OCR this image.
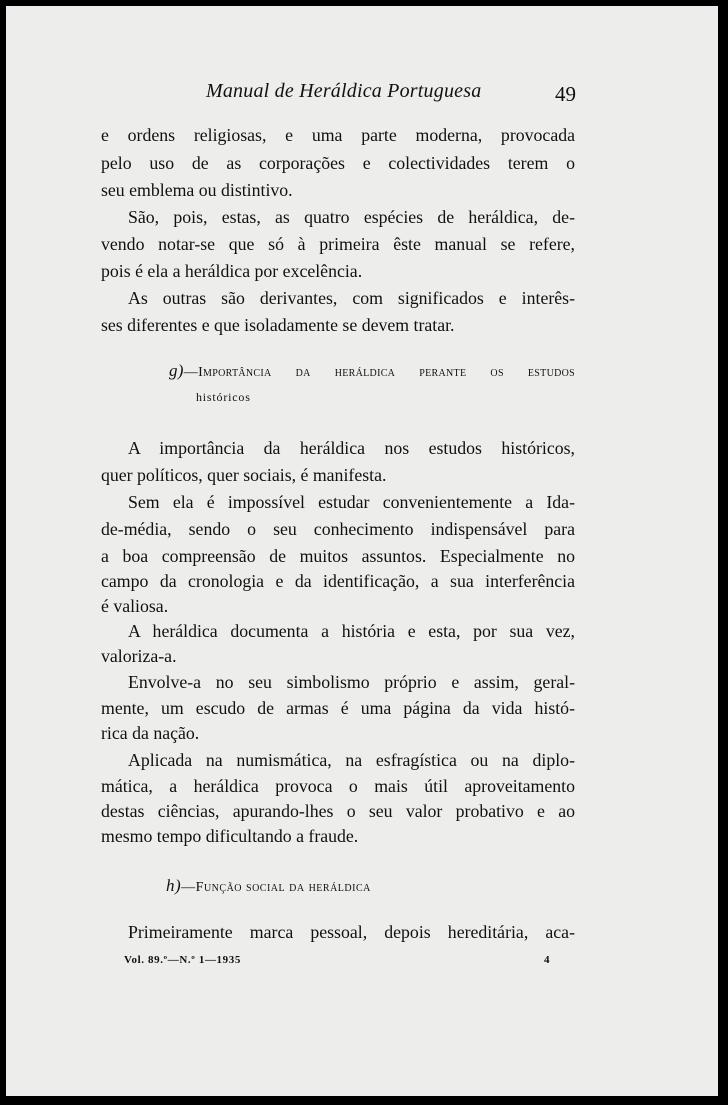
Manual de Heráldica Portuguesa	49
e ordens religiosas, e uma parte moderna, provocada
pelo uso de as corporações e colectividades terem o
seu emblema ou distintivo.
São, pois, estas, as quatro espécies de heráldica, de-
vendo notar-se que só à primeira êste manual se refere,
pois é ela a heráldica por excelência.
As outras são derivantes, com significados e interês-
ses diferentes e que isoladamente se devem tratar.
g)—Importância da heráldica perante os estudos
históricos
A importância da heráldica nos estudos históricos,
quer políticos, quer sociais, é manifesta.
Sem ela é impossível estudar convenientemente a Ida-
de-média, sendo o seu conhecimento indispensável para
a boa compreensão de muitos assuntos. Especialmente no
campo da cronologia e da identificação, a sua interferência
é valiosa.
A heráldica documenta a história e esta, por sua vez,
valoriza-a.
Envolve-a no seu simbolismo próprio e assim, geral-
mente, um escudo de armas é uma página da vida histó-
rica da nação.
Aplicada na numismática, na esfragística ou na diplo-
mática, a heráldica provoca o mais útil aproveitamento
destas ciências, apurando-lhes o seu valor probativo e ao
mesmo tempo dificultando a fraude.
h)—Função social da heráldica
Primeiramente marca pessoal, depois hereditária, aca-
Vol. 89.º—N.º 1—1935	4
